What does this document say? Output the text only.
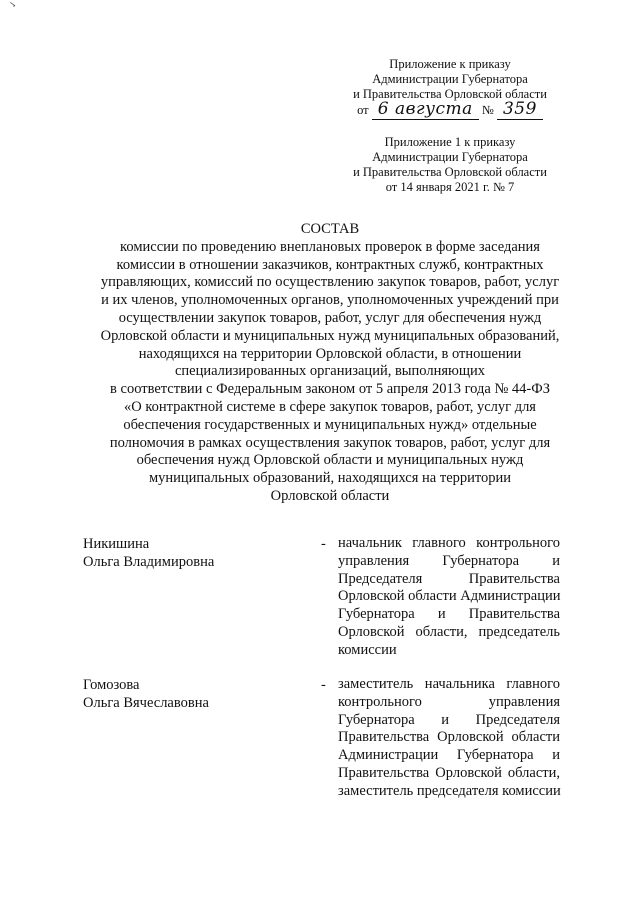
✓
Приложение к приказу
Администрации Губернатора
и Правительства Орловской области
от 6 августа № 359
Приложение 1 к приказу
Администрации Губернатора
и Правительства Орловской области
от 14 января 2021 г. № 7
СОСТАВ
комиссии по проведению внеплановых проверок в форме заседания
комиссии в отношении заказчиков, контрактных служб, контрактных
управляющих, комиссий по осуществлению закупок товаров, работ, услуг
и их членов, уполномоченных органов, уполномоченных учреждений при
осуществлении закупок товаров, работ, услуг для обеспечения нужд
Орловской области и муниципальных нужд муниципальных образований,
находящихся на территории Орловской области, в отношении
специализированных организаций, выполняющих
в соответствии с Федеральным законом от 5 апреля 2013 года № 44-ФЗ
«О контрактной системе в сфере закупок товаров, работ, услуг для
обеспечения государственных и муниципальных нужд» отдельные
полномочия в рамках осуществления закупок товаров, работ, услуг для
обеспечения нужд Орловской области и муниципальных нужд
муниципальных образований, находящихся на территории
Орловской области
Никишина
Ольга Владимировна
- начальник главного контрольного
управления Губернатора и
Председателя Правительства
Орловской области Администрации
Губернатора и Правительства
Орловской области, председатель
комиссии
Гомозова
Ольга Вячеславовна
- заместитель начальника главного
контрольного управления
Губернатора и Председателя
Правительства Орловской области
Администрации Губернатора и
Правительства Орловской области,
заместитель председателя комиссии
